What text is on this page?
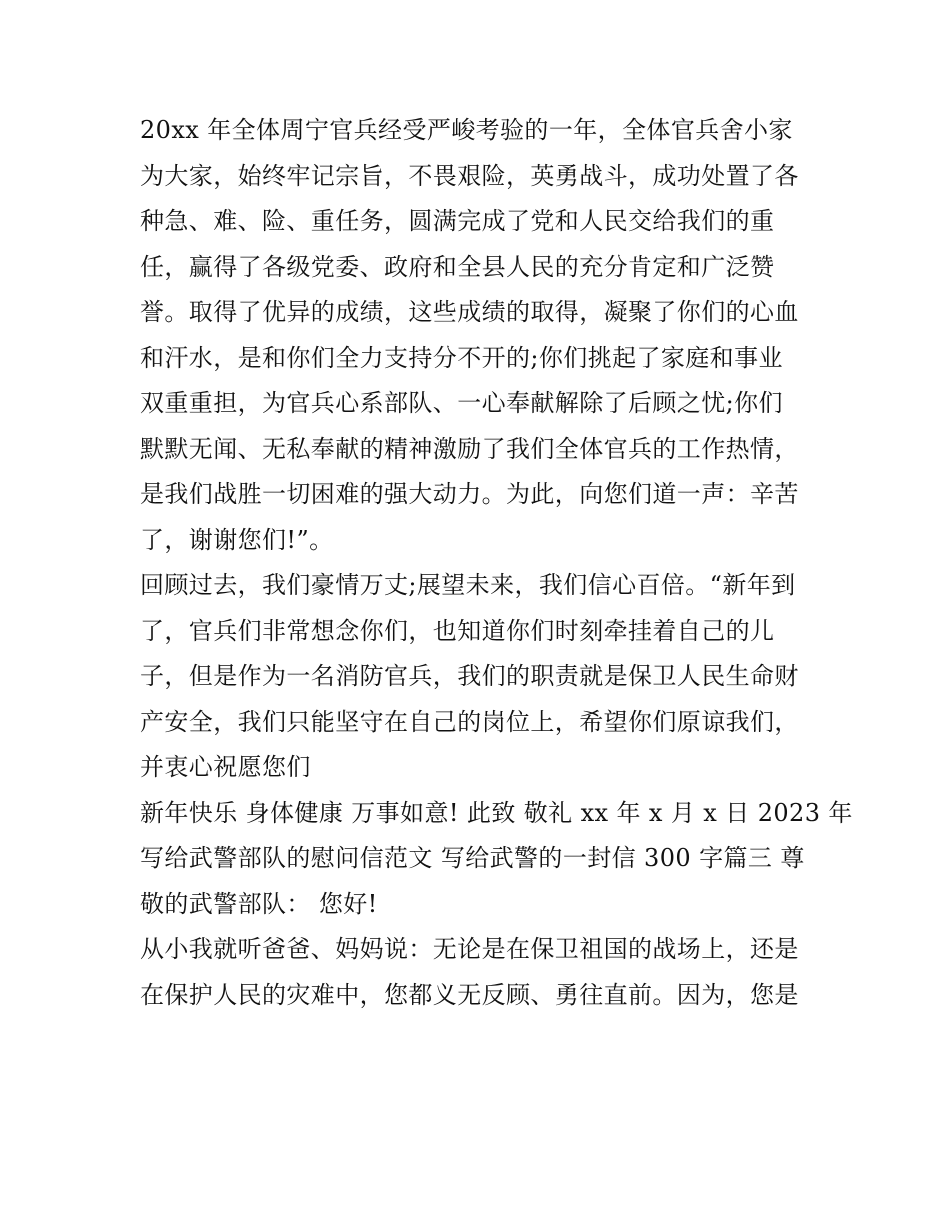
20xx 年全体周宁官兵经受严峻考验的一年，全体官兵舍小家
为大家，始终牢记宗旨，不畏艰险，英勇战斗，成功处置了各
种急、难、险、重任务，圆满完成了党和人民交给我们的重
任，赢得了各级党委、政府和全县人民的充分肯定和广泛赞
誉。取得了优异的成绩，这些成绩的取得，凝聚了你们的心血
和汗水，是和你们全力支持分不开的;你们挑起了家庭和事业
双重重担，为官兵心系部队、一心奉献解除了后顾之忧;你们
默默无闻、无私奉献的精神激励了我们全体官兵的工作热情，
是我们战胜一切困难的强大动力。为此，向您们道一声：辛苦
了，谢谢您们!”。
回顾过去，我们豪情万丈;展望未来，我们信心百倍。“新年到
了，官兵们非常想念你们，也知道你们时刻牵挂着自己的儿
子，但是作为一名消防官兵，我们的职责就是保卫人民生命财
产安全，我们只能坚守在自己的岗位上，希望你们原谅我们，
并衷心祝愿您们
新年快乐 身体健康 万事如意! 此致 敬礼 xx 年 x 月 x 日 2023 年
写给武警部队的慰问信范文 写给武警的一封信 300 字篇三 尊
敬的武警部队： 您好!
从小我就听爸爸、妈妈说：无论是在保卫祖国的战场上，还是
在保护人民的灾难中，您都义无反顾、勇往直前。因为，您是
